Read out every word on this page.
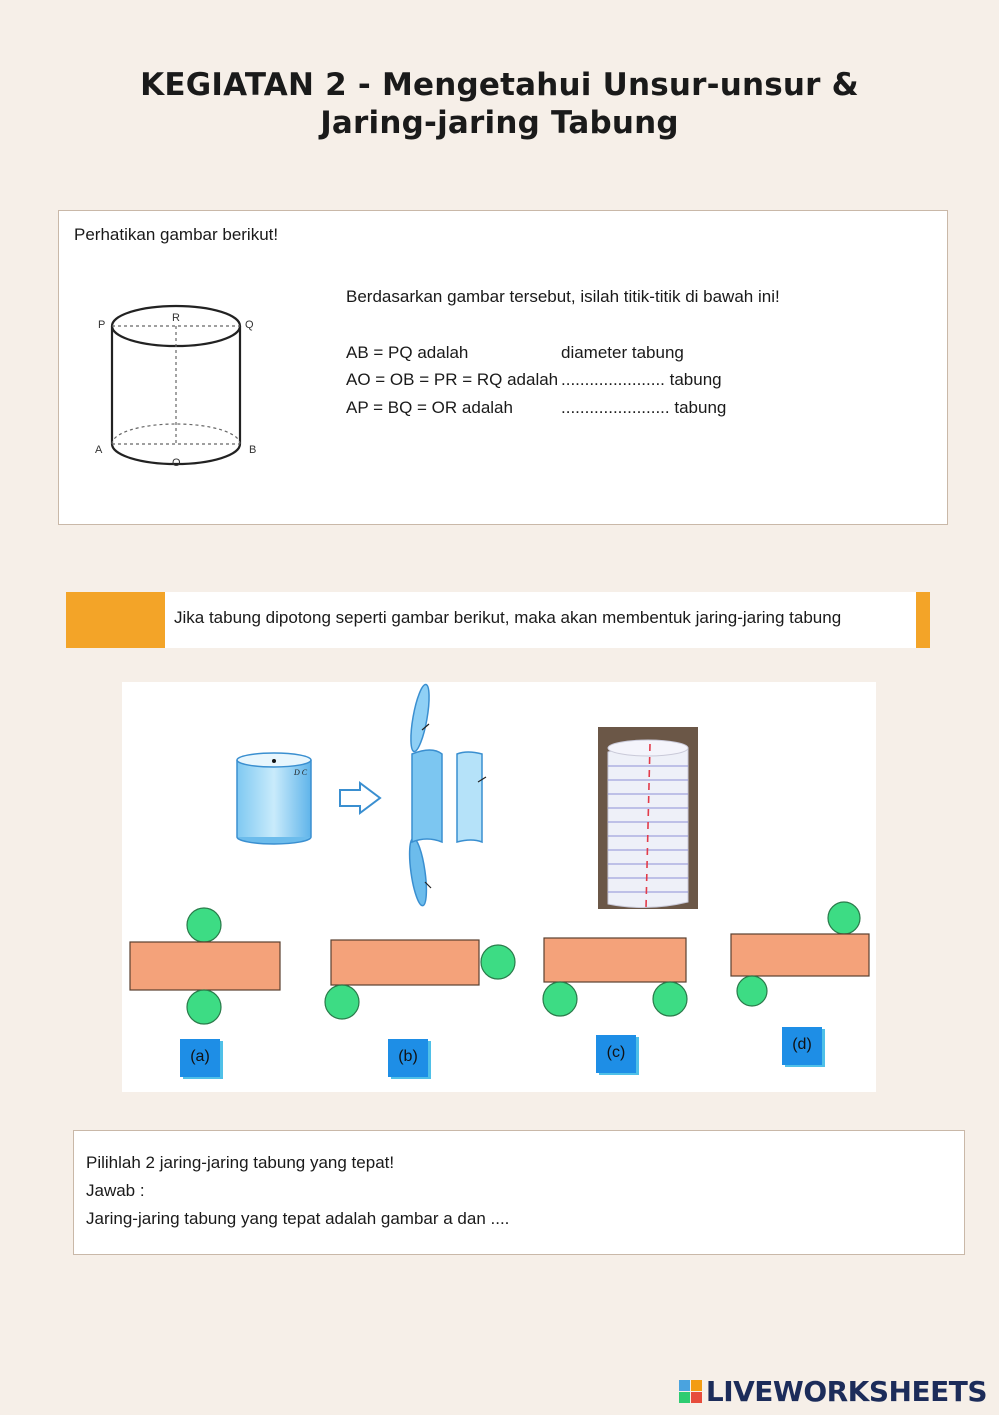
KEGIATAN 2 - Mengetahui Unsur-unsur &
Jaring-jaring Tabung
Perhatikan gambar berikut!
P
R
Q
A
O
B
Berdasarkan gambar tersebut, isilah titik-titik di bawah ini!
AB = PQ adalah	diameter tabung
AO = OB = PR = RQ adalah ...................... tabung
AP = BQ = OR adalah	....................... tabung
Jika tabung dipotong seperti gambar berikut, maka akan membentuk jaring-jaring tabung
D C
(a)	(b)	(c)	(d)
Pilihlah 2 jaring-jaring tabung yang tepat!
Jawab :
Jaring-jaring tabung yang tepat adalah gambar a dan ....
LIVEWORKSHEETS
